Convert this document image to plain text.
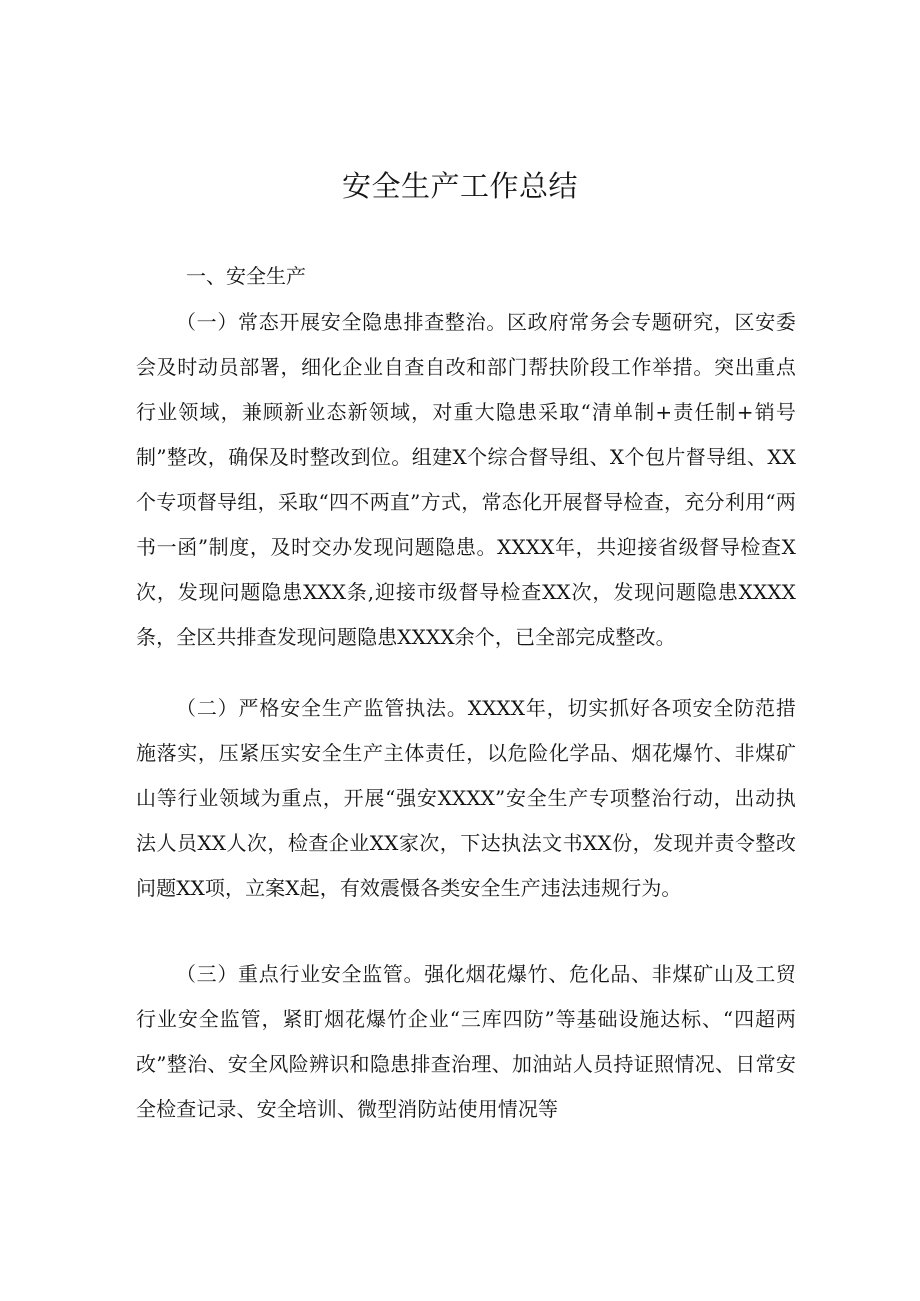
安全生产工作总结

一、安全生产

（一）常态开展安全隐患排查整治。区政府常务会专题研究，区安委会及时动员部署，细化企业自查自改和部门帮扶阶段工作举措。突出重点行业领域，兼顾新业态新领域，对重大隐患采取“清单制+责任制+销号制”整改，确保及时整改到位。组建X个综合督导组、X个包片督导组、XX个专项督导组，采取“四不两直”方式，常态化开展督导检查，充分利用“两书一函”制度，及时交办发现问题隐患。XXXX年，共迎接省级督导检查X次，发现问题隐患XXX条,迎接市级督导检查XX次，发现问题隐患XXXX条，全区共排查发现问题隐患XXXX余个，已全部完成整改。

（二）严格安全生产监管执法。XXXX年，切实抓好各项安全防范措施落实，压紧压实安全生产主体责任，以危险化学品、烟花爆竹、非煤矿山等行业领域为重点，开展“强安XXXX”安全生产专项整治行动，出动执法人员XX人次，检查企业XX家次，下达执法文书XX份，发现并责令整改问题XX项，立案X起，有效震慑各类安全生产违法违规行为。

（三）重点行业安全监管。强化烟花爆竹、危化品、非煤矿山及工贸行业安全监管，紧盯烟花爆竹企业“三库四防”等基础设施达标、“四超两改”整治、安全风险辨识和隐患排查治理、加油站人员持证照情况、日常安全检查记录、安全培训、微型消防站使用情况等
